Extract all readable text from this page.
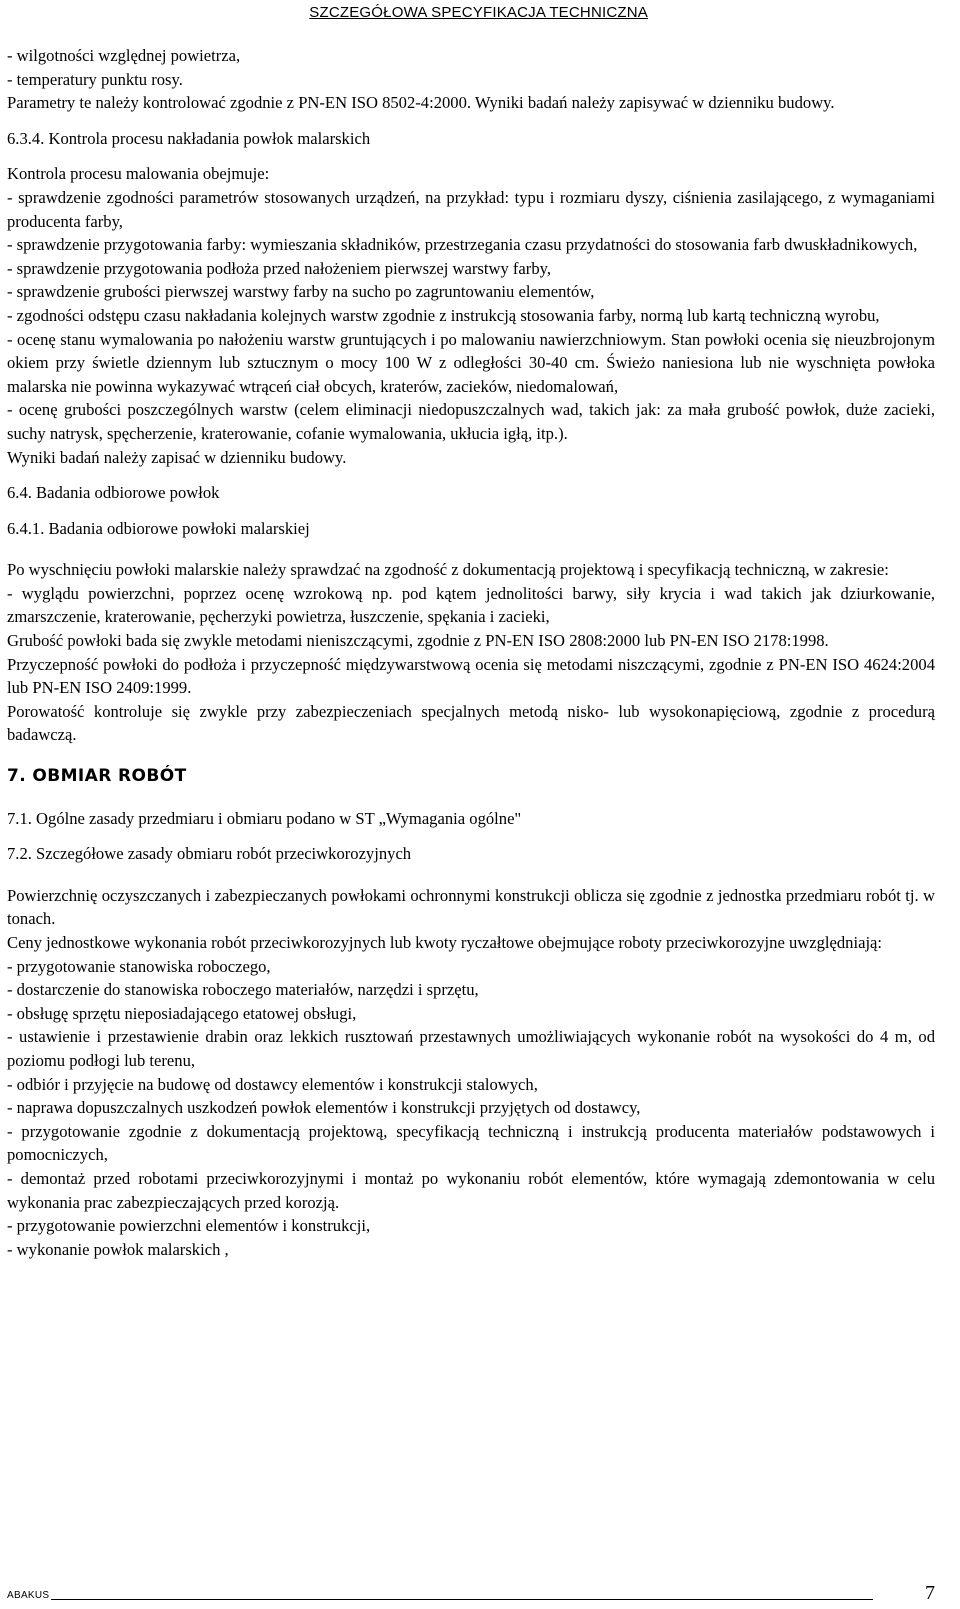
SZCZEGÓŁOWA SPECYFIKACJA TECHNICZNA

- wilgotności względnej powietrza,

- temperatury punktu rosy.

Parametry te należy kontrolować zgodnie z PN-EN ISO 8502-4:2000. Wyniki badań należy zapisywać w dzienniku budowy.

6.3.4. Kontrola procesu nakładania powłok malarskich

Kontrola procesu malowania obejmuje:

- sprawdzenie zgodności parametrów stosowanych urządzeń, na przykład: typu i rozmiaru dyszy, ciśnienia zasilającego, z wymaganiami producenta farby,

- sprawdzenie przygotowania farby: wymieszania składników, przestrzegania czasu przydatności do stosowania farb dwuskładnikowych,

- sprawdzenie przygotowania podłoża przed nałożeniem pierwszej warstwy farby,

- sprawdzenie grubości pierwszej warstwy farby na sucho po zagruntowaniu elementów,

- zgodności odstępu czasu nakładania kolejnych warstw zgodnie z instrukcją stosowania farby, normą lub kartą techniczną wyrobu,

- ocenę stanu wymalowania po nałożeniu warstw gruntujących i po malowaniu nawierzchniowym. Stan powłoki ocenia się nieuzbrojonym okiem przy świetle dziennym lub sztucznym o mocy 100 W z odległości 30-40 cm. Świeżo naniesiona lub nie wyschnięta powłoka malarska nie powinna wykazywać wtrąceń ciał obcych, kraterów, zacieków, niedomalowań,

- ocenę grubości poszczególnych warstw (celem eliminacji niedopuszczalnych wad, takich jak: za mała grubość powłok, duże zacieki, suchy natrysk, spęcherzenie, kraterowanie, cofanie wymalowania, ukłucia igłą, itp.).

Wyniki badań należy zapisać w dzienniku budowy.

6.4. Badania odbiorowe powłok

6.4.1. Badania odbiorowe powłoki malarskiej

Po wyschnięciu powłoki malarskie należy sprawdzać na zgodność z dokumentacją projektową i specyfikacją techniczną, w zakresie:

- wyglądu powierzchni, poprzez ocenę wzrokową np. pod kątem jednolitości barwy, siły krycia i wad takich jak dziurkowanie, zmarszczenie, kraterowanie, pęcherzyki powietrza, łuszczenie, spękania i zacieki,

Grubość powłoki bada się zwykle metodami nieniszczącymi, zgodnie z PN-EN ISO 2808:2000 lub PN-EN ISO 2178:1998.

Przyczepność powłoki do podłoża i przyczepność międzywarstwową ocenia się metodami niszczącymi, zgodnie z PN-EN ISO 4624:2004 lub PN-EN ISO 2409:1999.

Porowatość kontroluje się zwykle przy zabezpieczeniach specjalnych metodą nisko- lub wysokonapięciową, zgodnie z procedurą badawczą.

7. OBMIAR ROBÓT

7.1. Ogólne zasady przedmiaru i obmiaru podano w ST „Wymagania ogólne"

7.2. Szczegółowe zasady obmiaru robót przeciwkorozyjnych

Powierzchnię oczyszczanych i zabezpieczanych powłokami ochronnymi konstrukcji oblicza się zgodnie z jednostka przedmiaru robót tj. w tonach.

Ceny jednostkowe wykonania robót przeciwkorozyjnych lub kwoty ryczałtowe obejmujące roboty przeciwkorozyjne uwzględniają:

- przygotowanie stanowiska roboczego,

- dostarczenie do stanowiska roboczego materiałów, narzędzi i sprzętu,

- obsługę sprzętu nieposiadającego etatowej obsługi,

- ustawienie i przestawienie drabin oraz lekkich rusztowań przestawnych umożliwiających wykonanie robót na wysokości do 4 m, od poziomu podłogi lub terenu,

- odbiór i przyjęcie na budowę od dostawcy elementów i konstrukcji stalowych,

- naprawa dopuszczalnych uszkodzeń powłok elementów i konstrukcji przyjętych od dostawcy,

- przygotowanie zgodnie z dokumentacją projektową, specyfikacją techniczną i instrukcją producenta materiałów podstawowych i pomocniczych,

- demontaż przed robotami przeciwkorozyjnymi i montaż po wykonaniu robót elementów, które wymagają zdemontowania w celu wykonania prac zabezpieczających przed korozją.

- przygotowanie powierzchni elementów i konstrukcji,

- wykonanie powłok malarskich ,

ABAKUS	7
